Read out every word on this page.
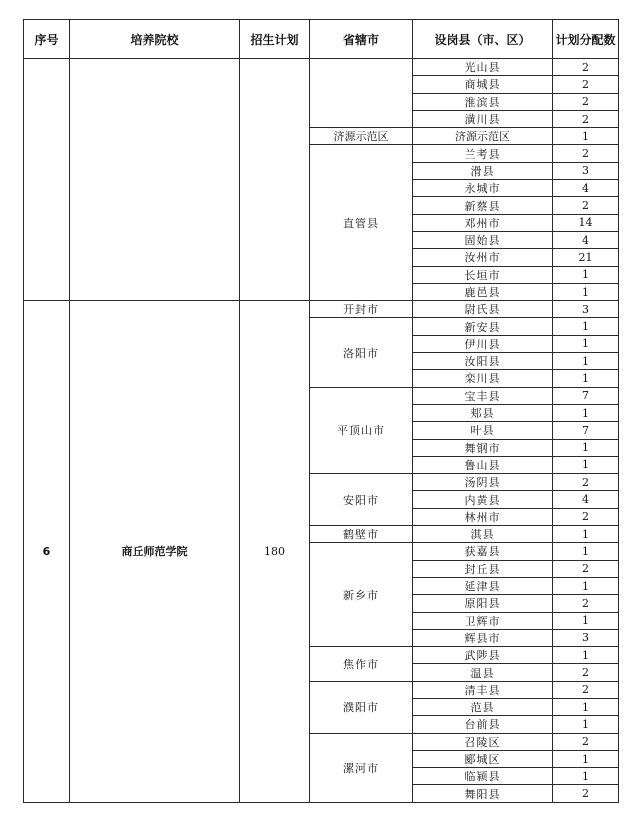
序号	培养院校	招生计划	省辖市	设岗县（市、区）	计划分配数
				光山县	2
				商城县	2
				淮滨县	2
				潢川县	2
			济源示范区	济源示范区	1
			直管县	兰考县	2
				滑县	3
				永城市	4
				新蔡县	2
				邓州市	14
				固始县	4
				汝州市	21
				长垣市	1
				鹿邑县	1
6	商丘师范学院	180	开封市	尉氏县	3
			洛阳市	新安县	1
				伊川县	1
				汝阳县	1
				栾川县	1
			平顶山市	宝丰县	7
				郏县	1
				叶县	7
				舞钢市	1
				鲁山县	1
			安阳市	汤阴县	2
				内黄县	4
				林州市	2
			鹤壁市	淇县	1
			新乡市	获嘉县	1
				封丘县	2
				延津县	1
				原阳县	2
				卫辉市	1
				辉县市	3
			焦作市	武陟县	1
				温县	2
			濮阳市	清丰县	2
				范县	1
				台前县	1
			漯河市	召陵区	2
				郾城区	1
				临颍县	1
				舞阳县	2
